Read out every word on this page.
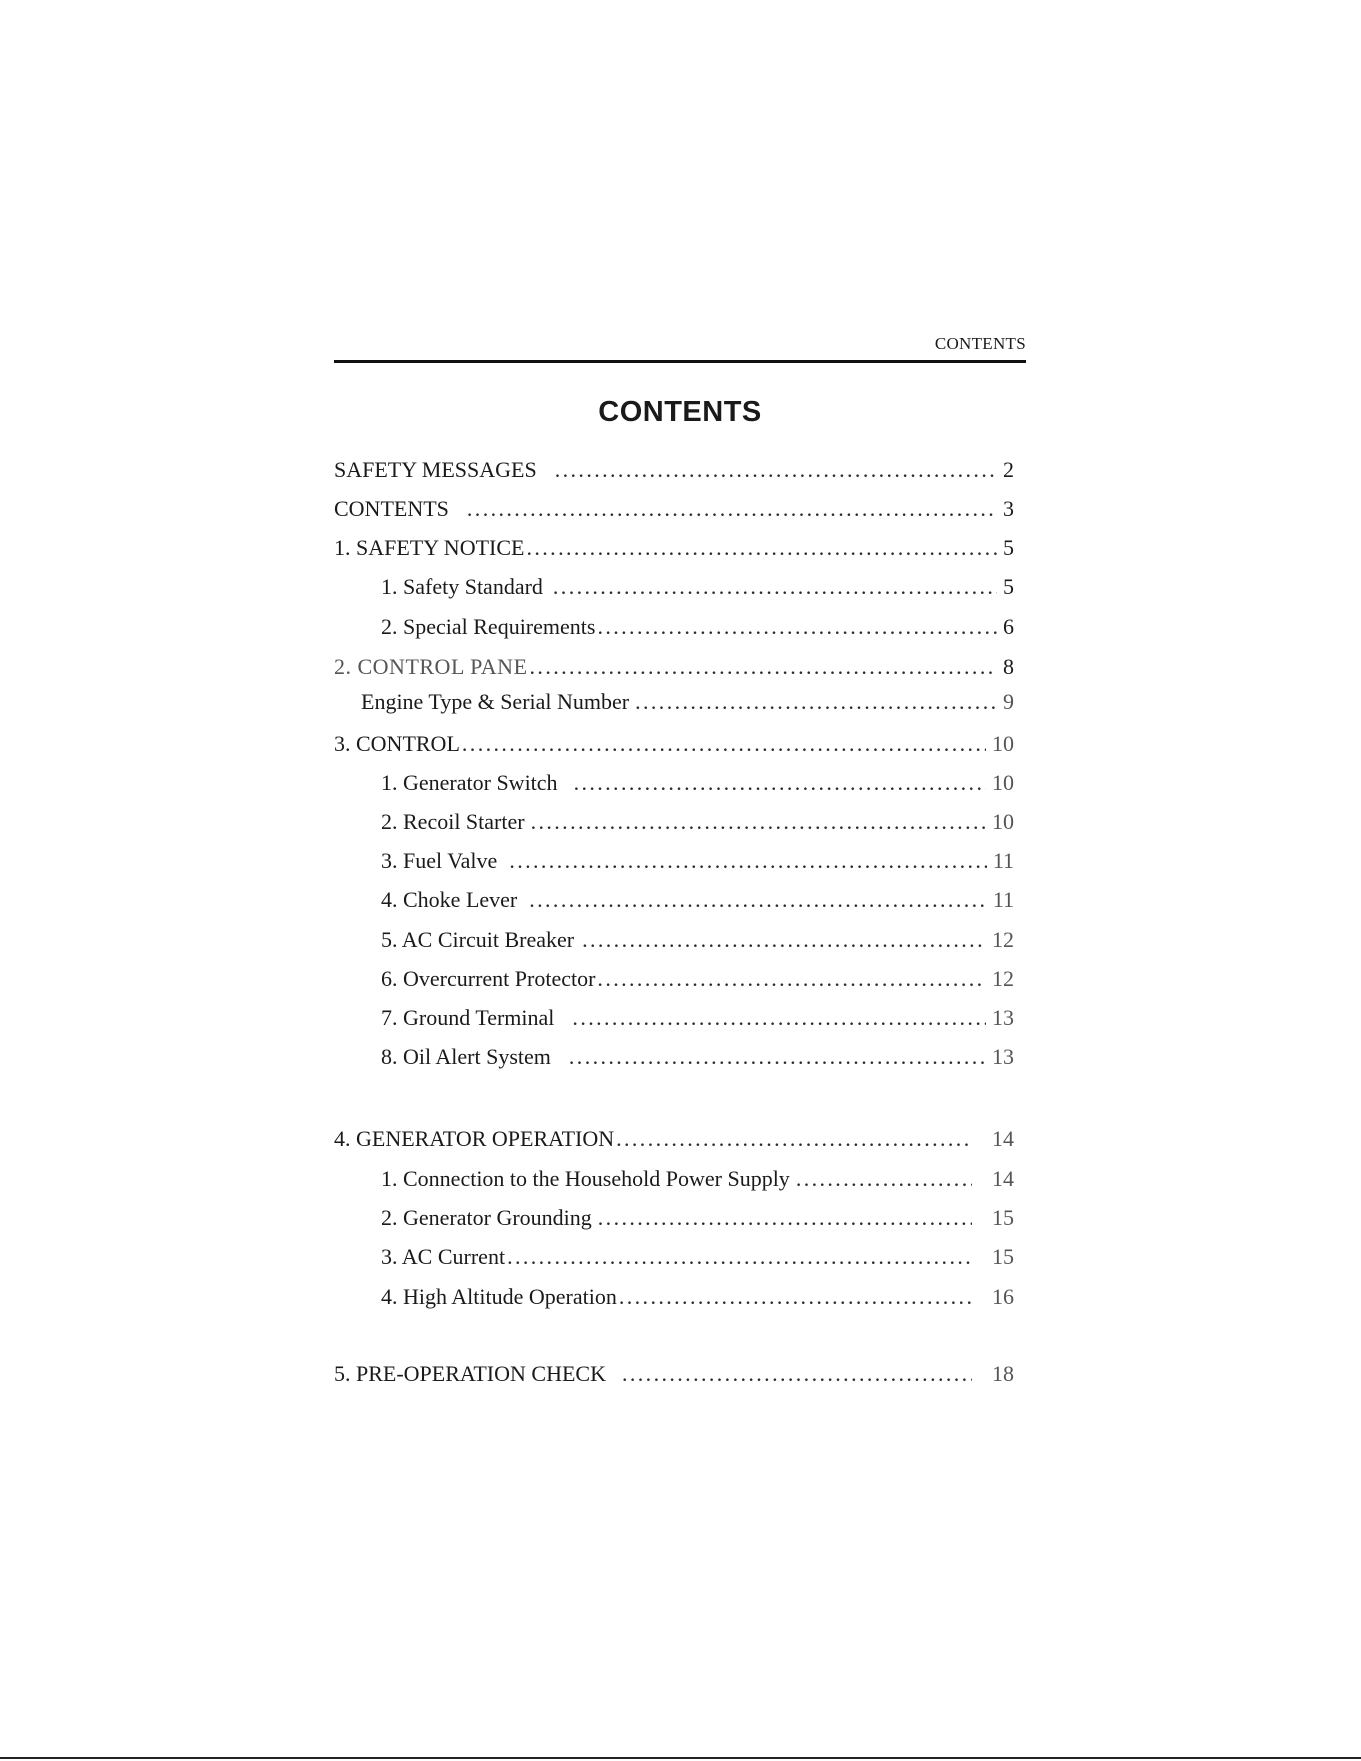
CONTENTS
CONTENTS
SAFETY MESSAGES .....	2
CONTENTS .....	3
1. SAFETY NOTICE .....	5
1. Safety Standard .....	5
2. Special Requirements .....	6
2. CONTROL PANE .....	8
Engine Type & Serial Number .....	9
3. CONTROL .....	10
1. Generator Switch .....	10
2. Recoil Starter .....	10
3. Fuel Valve .....	11
4. Choke Lever .....	11
5. AC Circuit Breaker .....	12
6. Overcurrent Protector .....	12
7. Ground Terminal .....	13
8. Oil Alert System .....	13
4. GENERATOR OPERATION .....	14
1. Connection to the Household Power Supply .....	14
2. Generator Grounding .....	15
3. AC Current .....	15
4. High Altitude Operation .....	16
5. PRE-OPERATION CHECK .....	18
